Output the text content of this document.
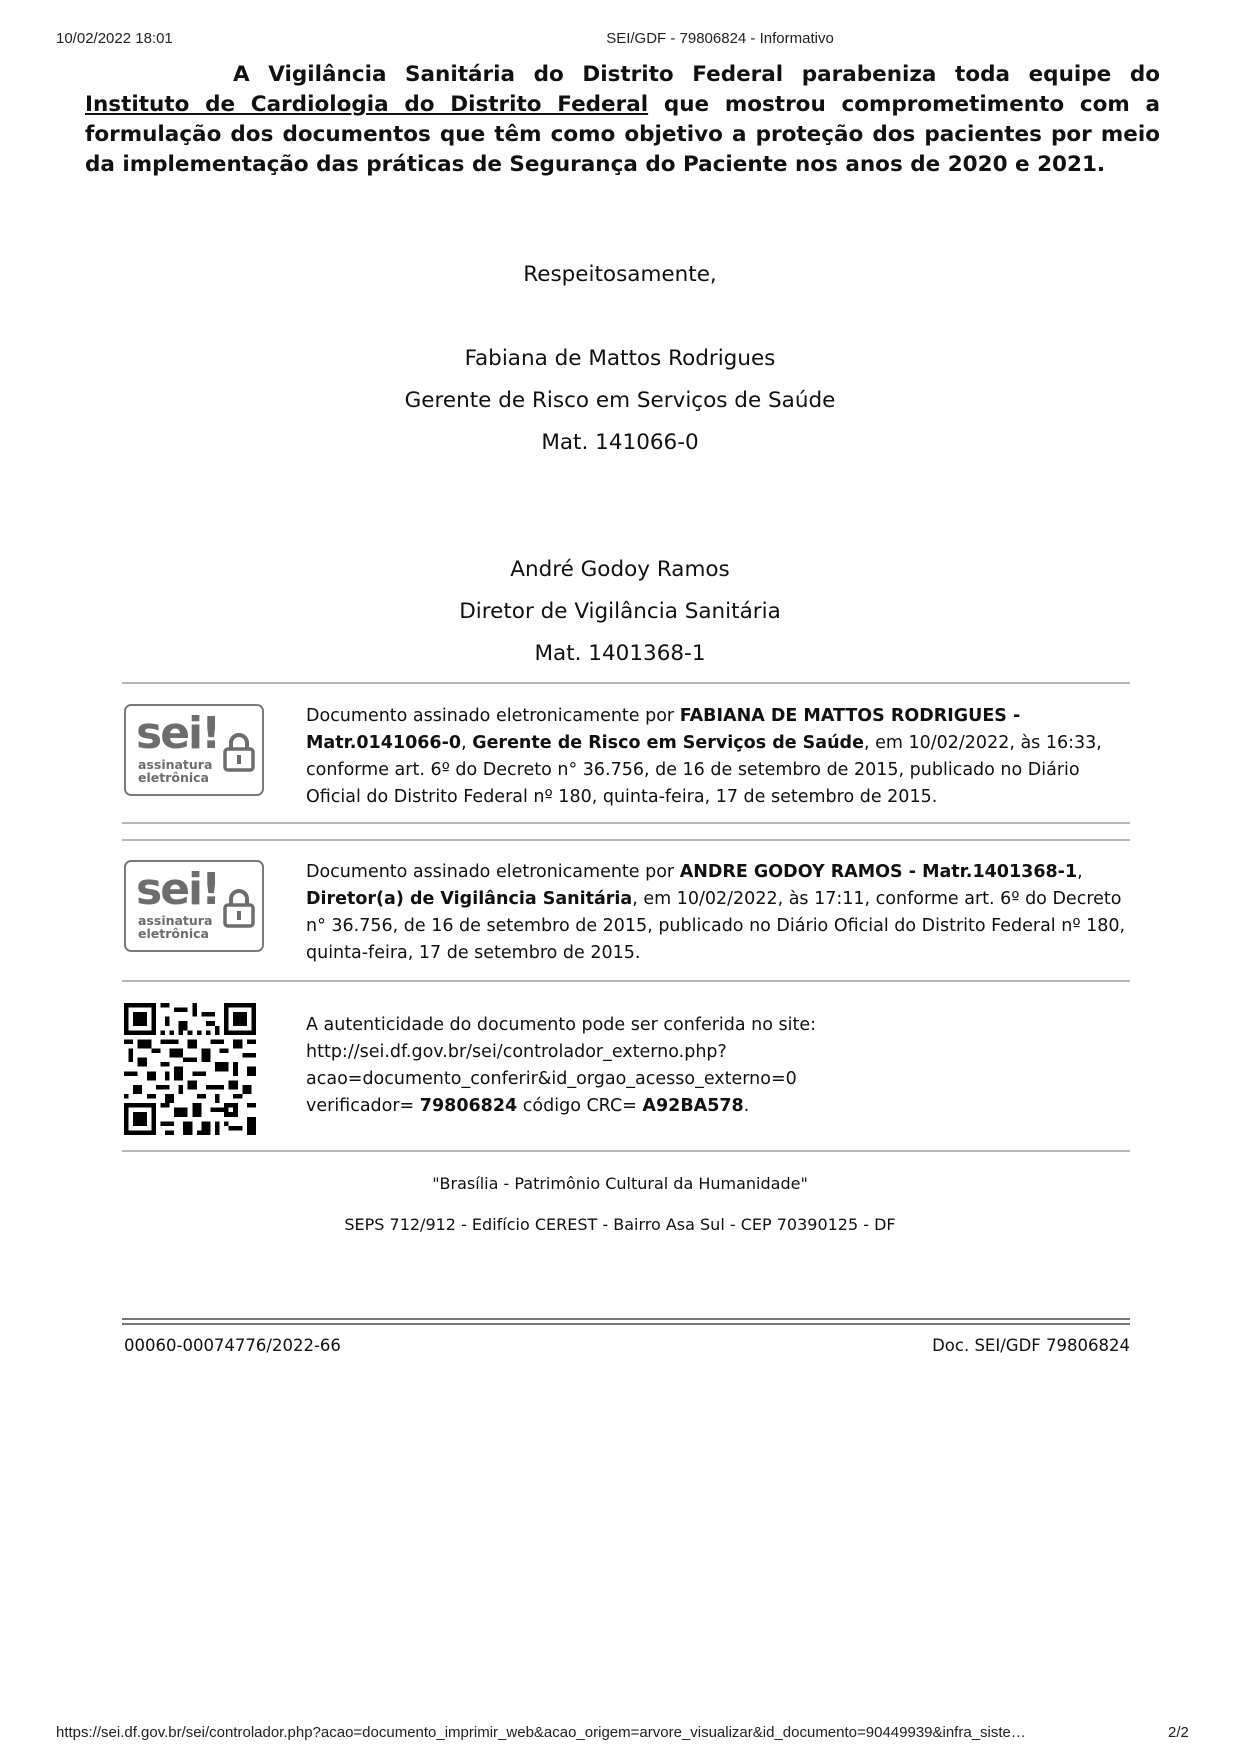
10/02/2022 18:01	SEI/GDF - 79806824 - Informativo

A Vigilância Sanitária do Distrito Federal parabeniza toda equipe do Instituto de Cardiologia do Distrito Federal que mostrou comprometimento com a formulação dos documentos que têm como objetivo a proteção dos pacientes por meio da implementação das práticas de Segurança do Paciente nos anos de 2020 e 2021.

Respeitosamente,
Fabiana de Mattos Rodrigues
Gerente de Risco em Serviços de Saúde
Mat. 141066-0
André Godoy Ramos
Diretor de Vigilância Sanitária
Mat. 1401368-1
sei!
assinatura
eletrônica
Documento assinado eletronicamente por FABIANA DE MATTOS RODRIGUES - Matr.0141066-0, Gerente de Risco em Serviços de Saúde, em 10/02/2022, às 16:33, conforme art. 6º do Decreto n° 36.756, de 16 de setembro de 2015, publicado no Diário Oficial do Distrito Federal nº 180, quinta-feira, 17 de setembro de 2015.
sei!
assinatura
eletrônica
Documento assinado eletronicamente por ANDRE GODOY RAMOS - Matr.1401368-1, Diretor(a) de Vigilância Sanitária, em 10/02/2022, às 17:11, conforme art. 6º do Decreto n° 36.756, de 16 de setembro de 2015, publicado no Diário Oficial do Distrito Federal nº 180, quinta-feira, 17 de setembro de 2015.
A autenticidade do documento pode ser conferida no site:
http://sei.df.gov.br/sei/controlador_externo.php?
acao=documento_conferir&id_orgao_acesso_externo=0
verificador= 79806824 código CRC= A92BA578.
"Brasília - Patrimônio Cultural da Humanidade"
SEPS 712/912 - Edifício CEREST - Bairro Asa Sul - CEP 70390125 - DF
00060-00074776/2022-66	Doc. SEI/GDF 79806824
https://sei.df.gov.br/sei/controlador.php?acao=documento_imprimir_web&acao_origem=arvore_visualizar&id_documento=90449939&infra_siste…	2/2
